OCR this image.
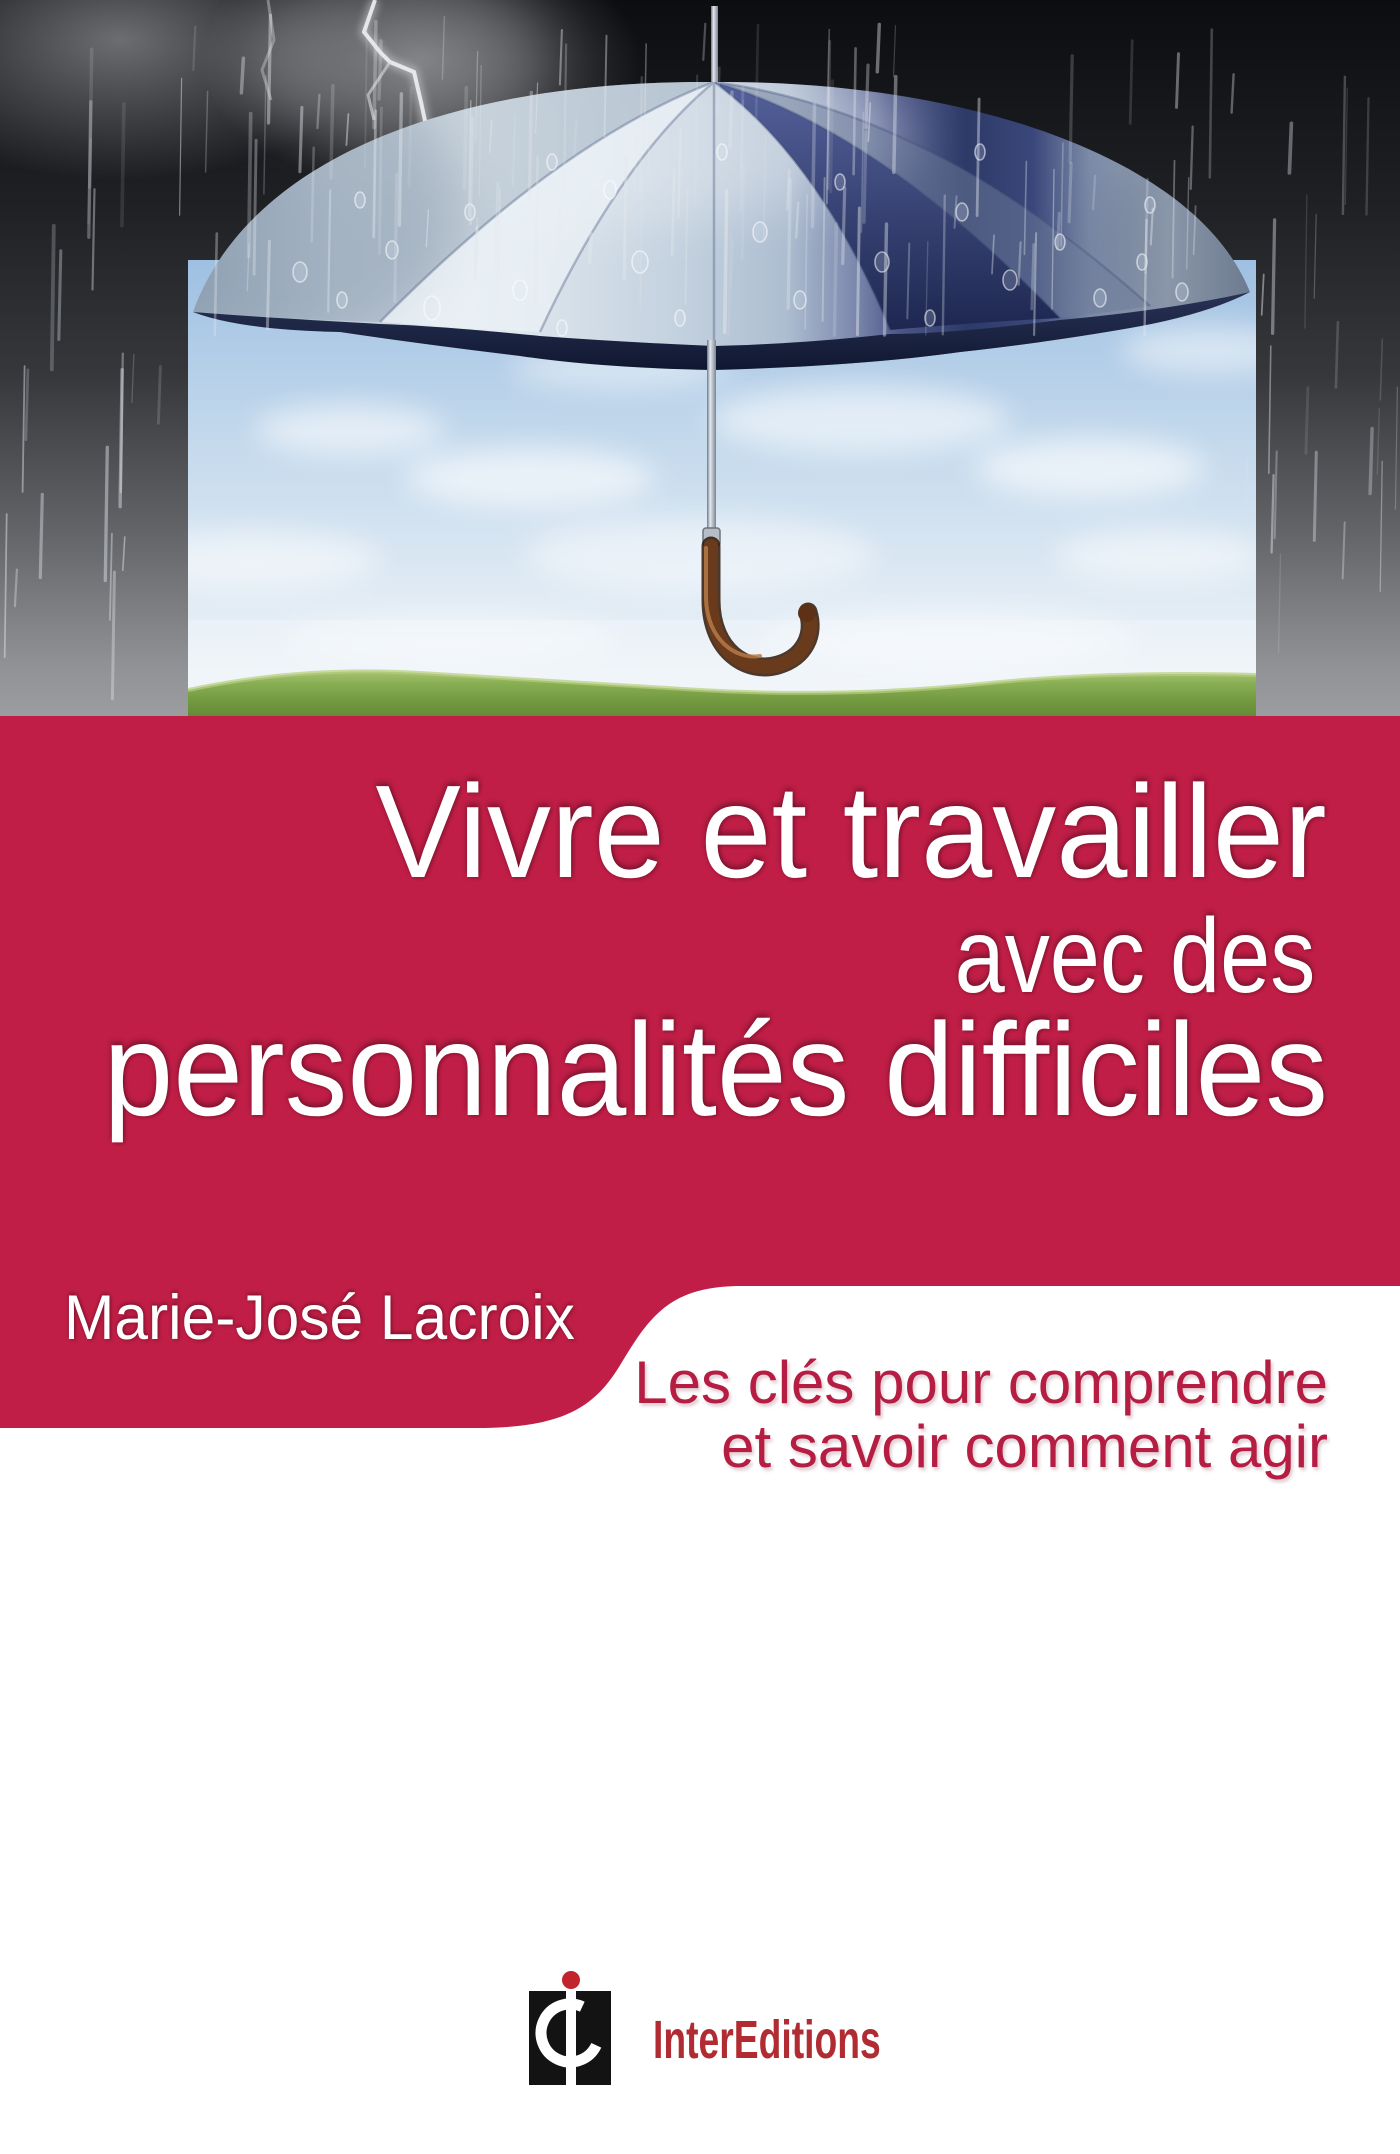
Vivre et travailler
avec des
personnalités difficiles
Marie-José Lacroix
Les clés pour comprendre
et savoir comment agir
InterEditions
